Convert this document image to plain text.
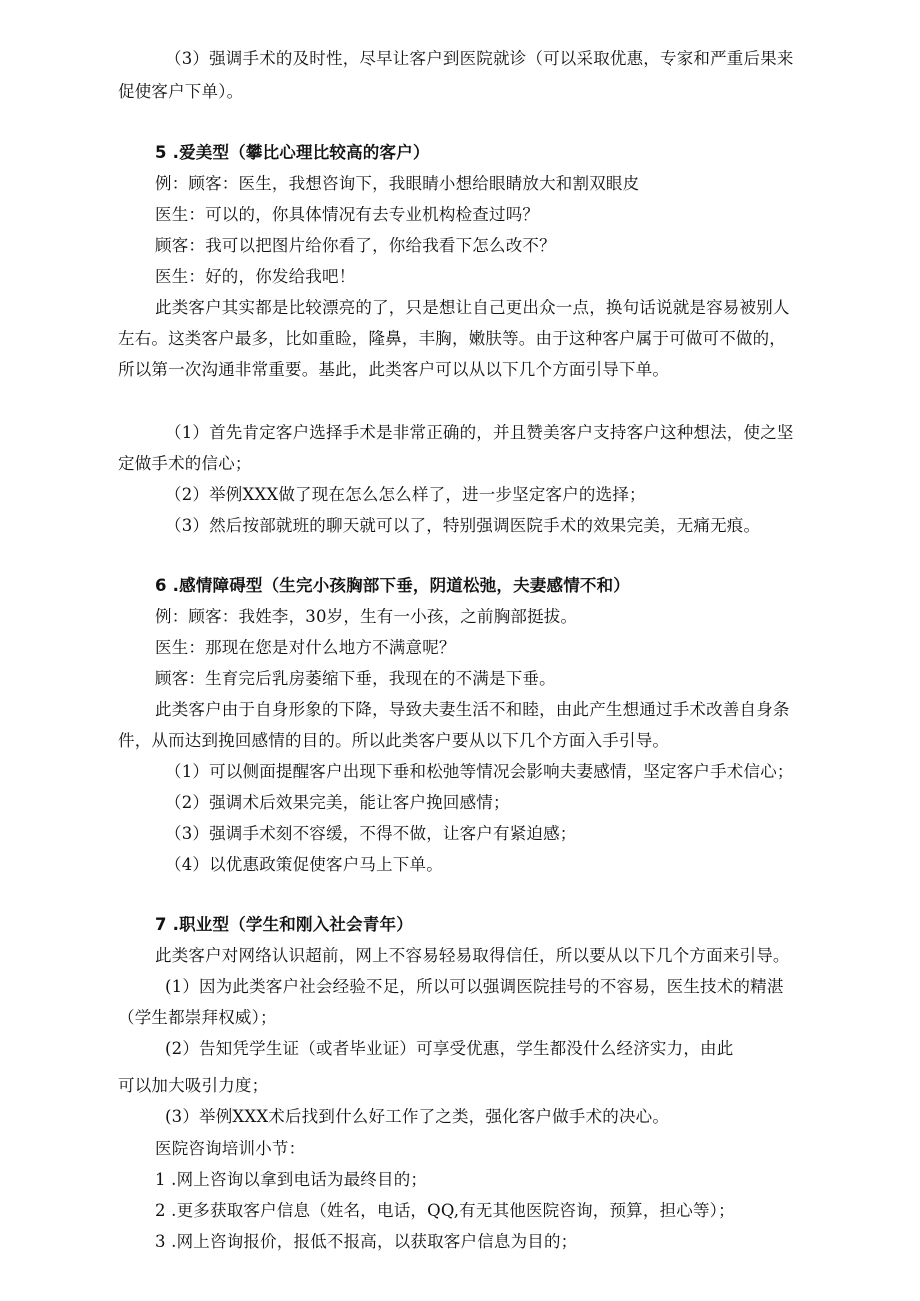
（3）强调手术的及时性，尽早让客户到医院就诊（可以采取优惠，专家和严重后果来
促使客户下单）。
5 .爱美型（攀比心理比较高的客户）
例：顾客：医生，我想咨询下，我眼睛小想给眼睛放大和割双眼皮
医生：可以的，你具体情况有去专业机构检查过吗？
顾客：我可以把图片给你看了，你给我看下怎么改不？
医生：好的，你发给我吧！
此类客户其实都是比较漂亮的了，只是想让自己更出众一点，换句话说就是容易被别人
左右。这类客户最多，比如重睑，隆鼻，丰胸，嫩肤等。由于这种客户属于可做可不做的，
所以第一次沟通非常重要。基此，此类客户可以从以下几个方面引导下单。
（1）首先肯定客户选择手术是非常正确的，并且赞美客户支持客户这种想法，使之坚
定做手术的信心；
（2）举例XXX做了现在怎么怎么样了，进一步坚定客户的选择；
（3）然后按部就班的聊天就可以了，特别强调医院手术的效果完美，无痛无痕。
6 .感情障碍型（生完小孩胸部下垂，阴道松弛，夫妻感情不和）
例：顾客：我姓李，30岁，生有一小孩，之前胸部挺拔。
医生：那现在您是对什么地方不满意呢？
顾客：生育完后乳房萎缩下垂，我现在的不满是下垂。
此类客户由于自身形象的下降，导致夫妻生活不和睦，由此产生想通过手术改善自身条
件，从而达到挽回感情的目的。所以此类客户要从以下几个方面入手引导。
（1）可以侧面提醒客户出现下垂和松弛等情况会影响夫妻感情，坚定客户手术信心；
（2）强调术后效果完美，能让客户挽回感情；
（3）强调手术刻不容缓，不得不做，让客户有紧迫感；
（4）以优惠政策促使客户马上下单。
7 .职业型（学生和刚入社会青年）
此类客户对网络认识超前，网上不容易轻易取得信任，所以要从以下几个方面来引导。
(1）因为此类客户社会经验不足，所以可以强调医院挂号的不容易，医生技术的精湛
（学生都崇拜权威）；
(2）告知凭学生证（或者毕业证）可享受优惠，学生都没什么经济实力，由此
可以加大吸引力度；
(3）举例XXX术后找到什么好工作了之类，强化客户做手术的决心。
医院咨询培训小节：
1 .网上咨询以拿到电话为最终目的；
2 .更多获取客户信息（姓名，电话，QQ,有无其他医院咨询，预算，担心等）；
3 .网上咨询报价，报低不报高，以获取客户信息为目的；
